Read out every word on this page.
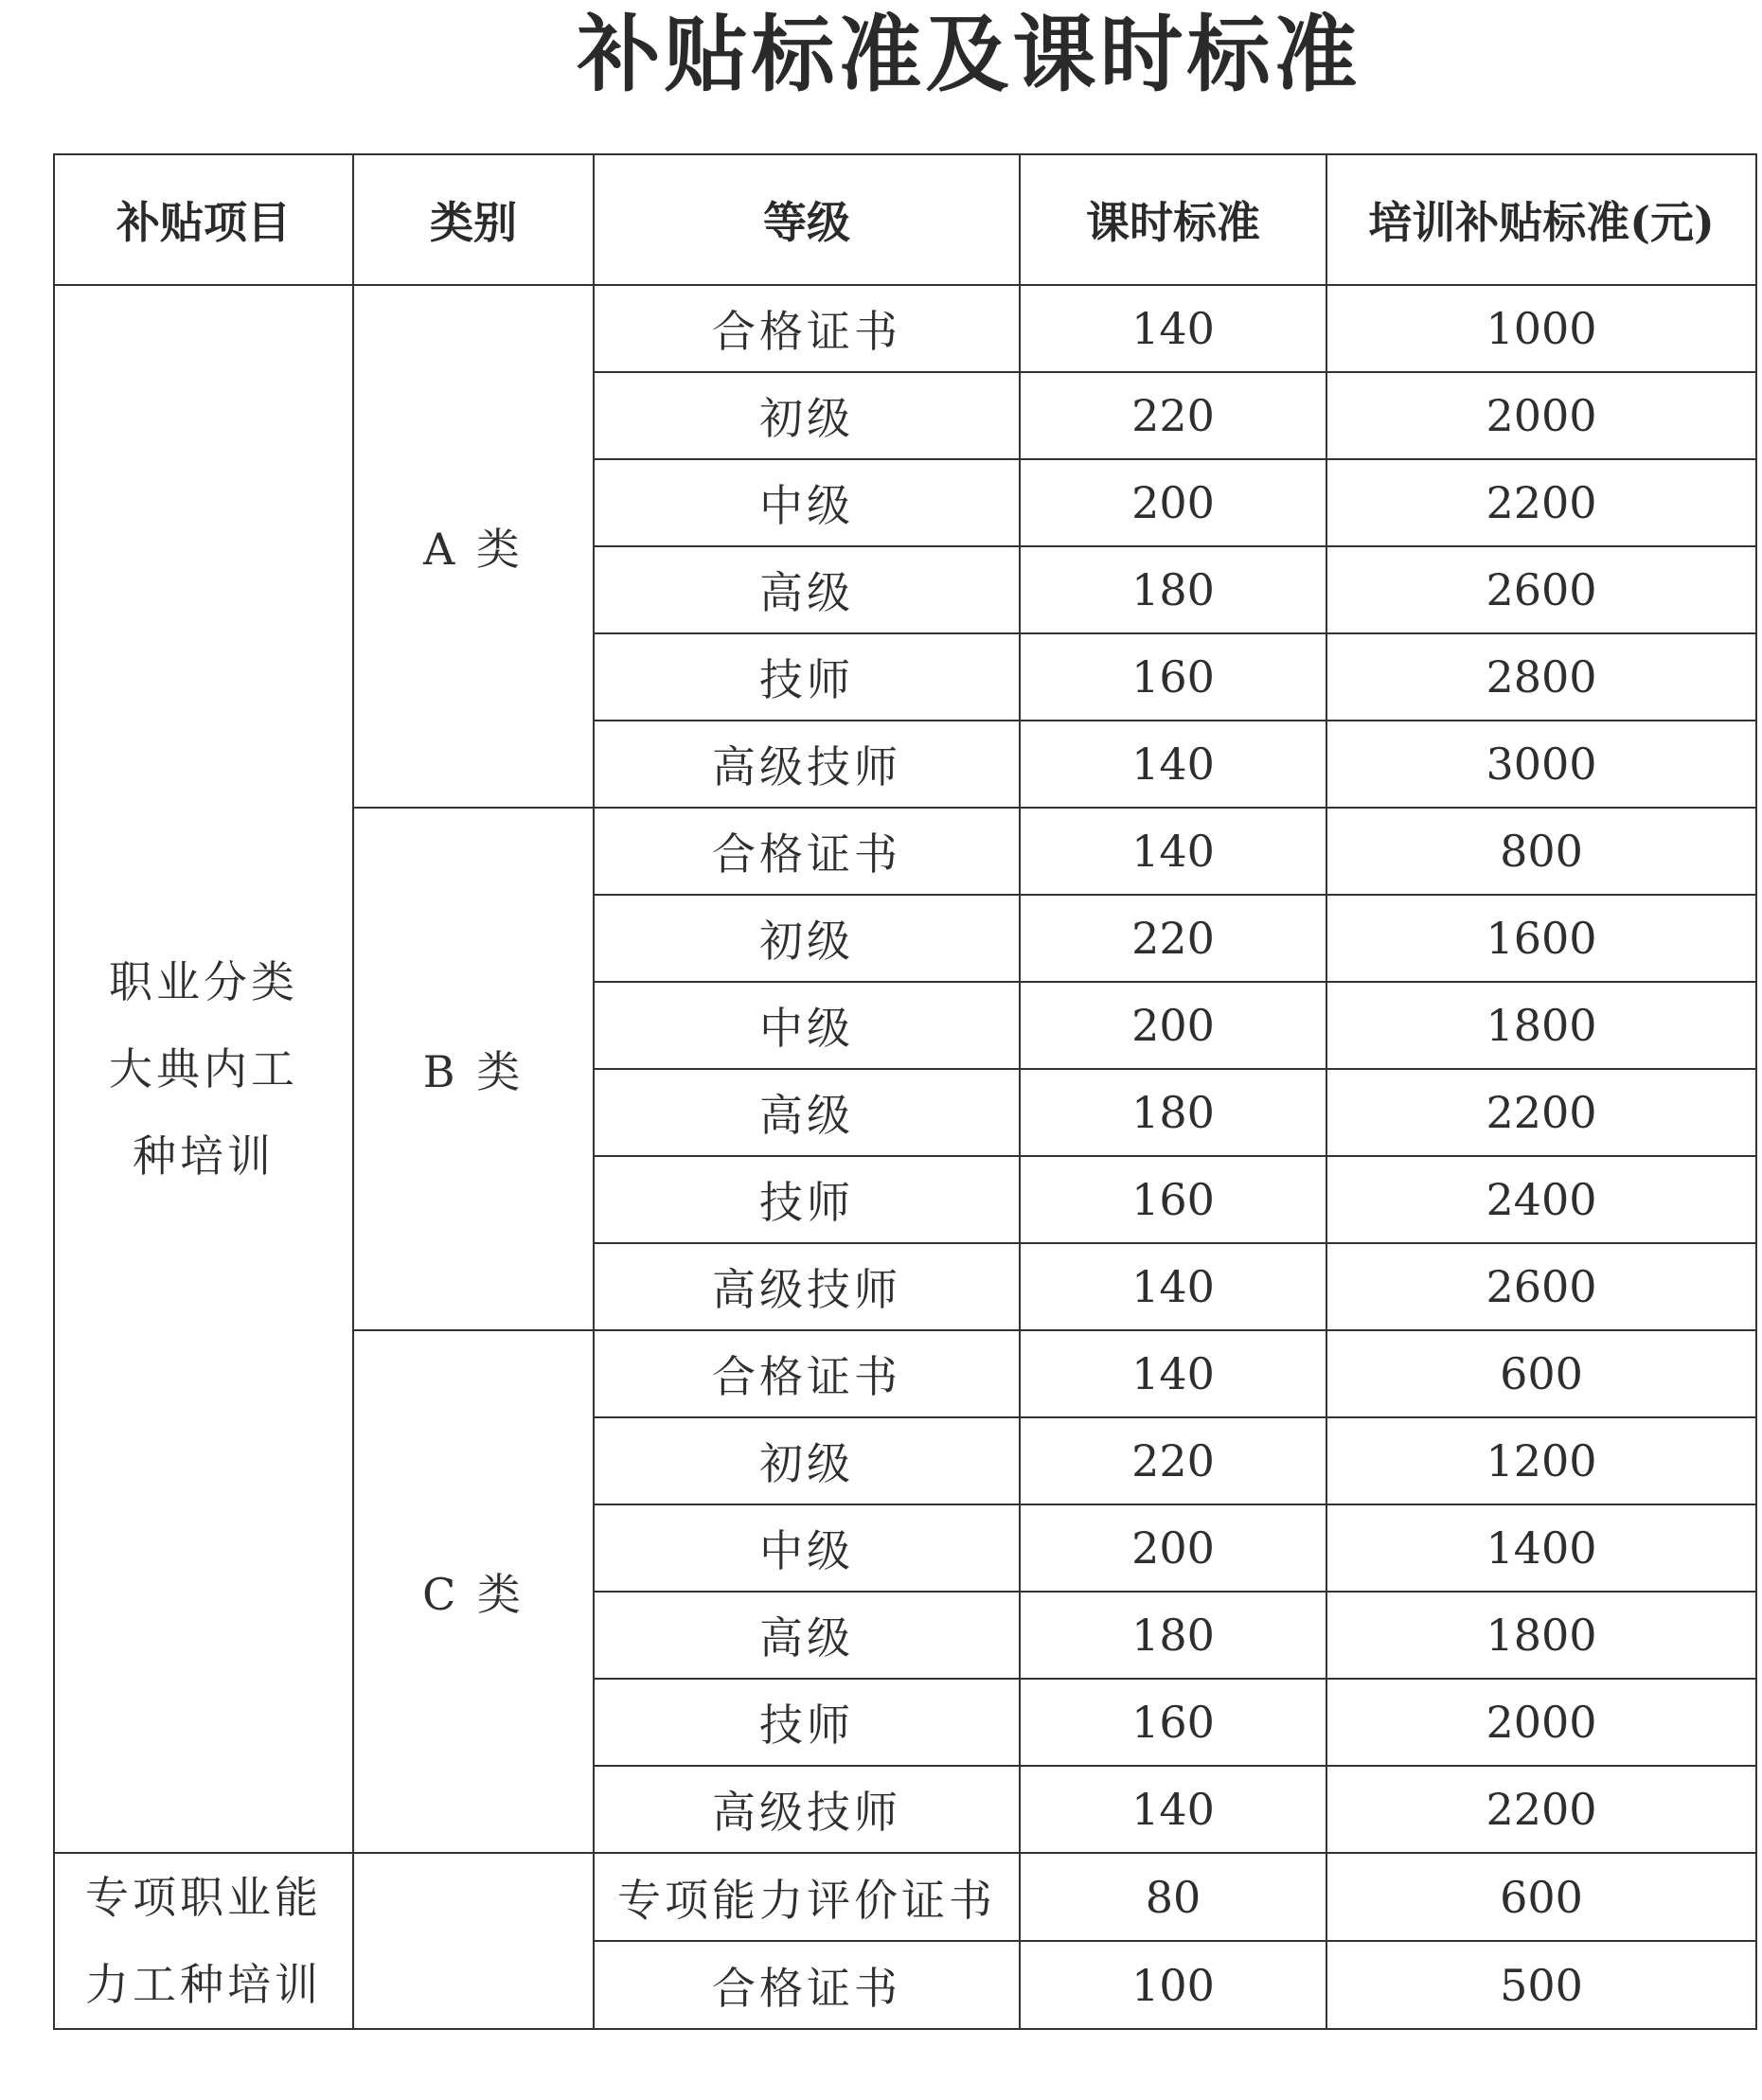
补贴标准及课时标准
补贴项目	类别	等级	课时标准	培训补贴标准(元)

职业分类
大典内工
种培训	A 类	合格证书	140	1000
		初级	220	2000
		中级	200	2200
		高级	180	2600
		技师	160	2800
		高级技师	140	3000
	B 类	合格证书	140	800
		初级	220	1600
		中级	200	1800
		高级	180	2200
		技师	160	2400
		高级技师	140	2600
	C 类	合格证书	140	600
		初级	220	1200
		中级	200	1400
		高级	180	1800
		技师	160	2000
		高级技师	140	2200

专项职业能
力工种培训		专项能力评价证书	80	600
		合格证书	100	500
